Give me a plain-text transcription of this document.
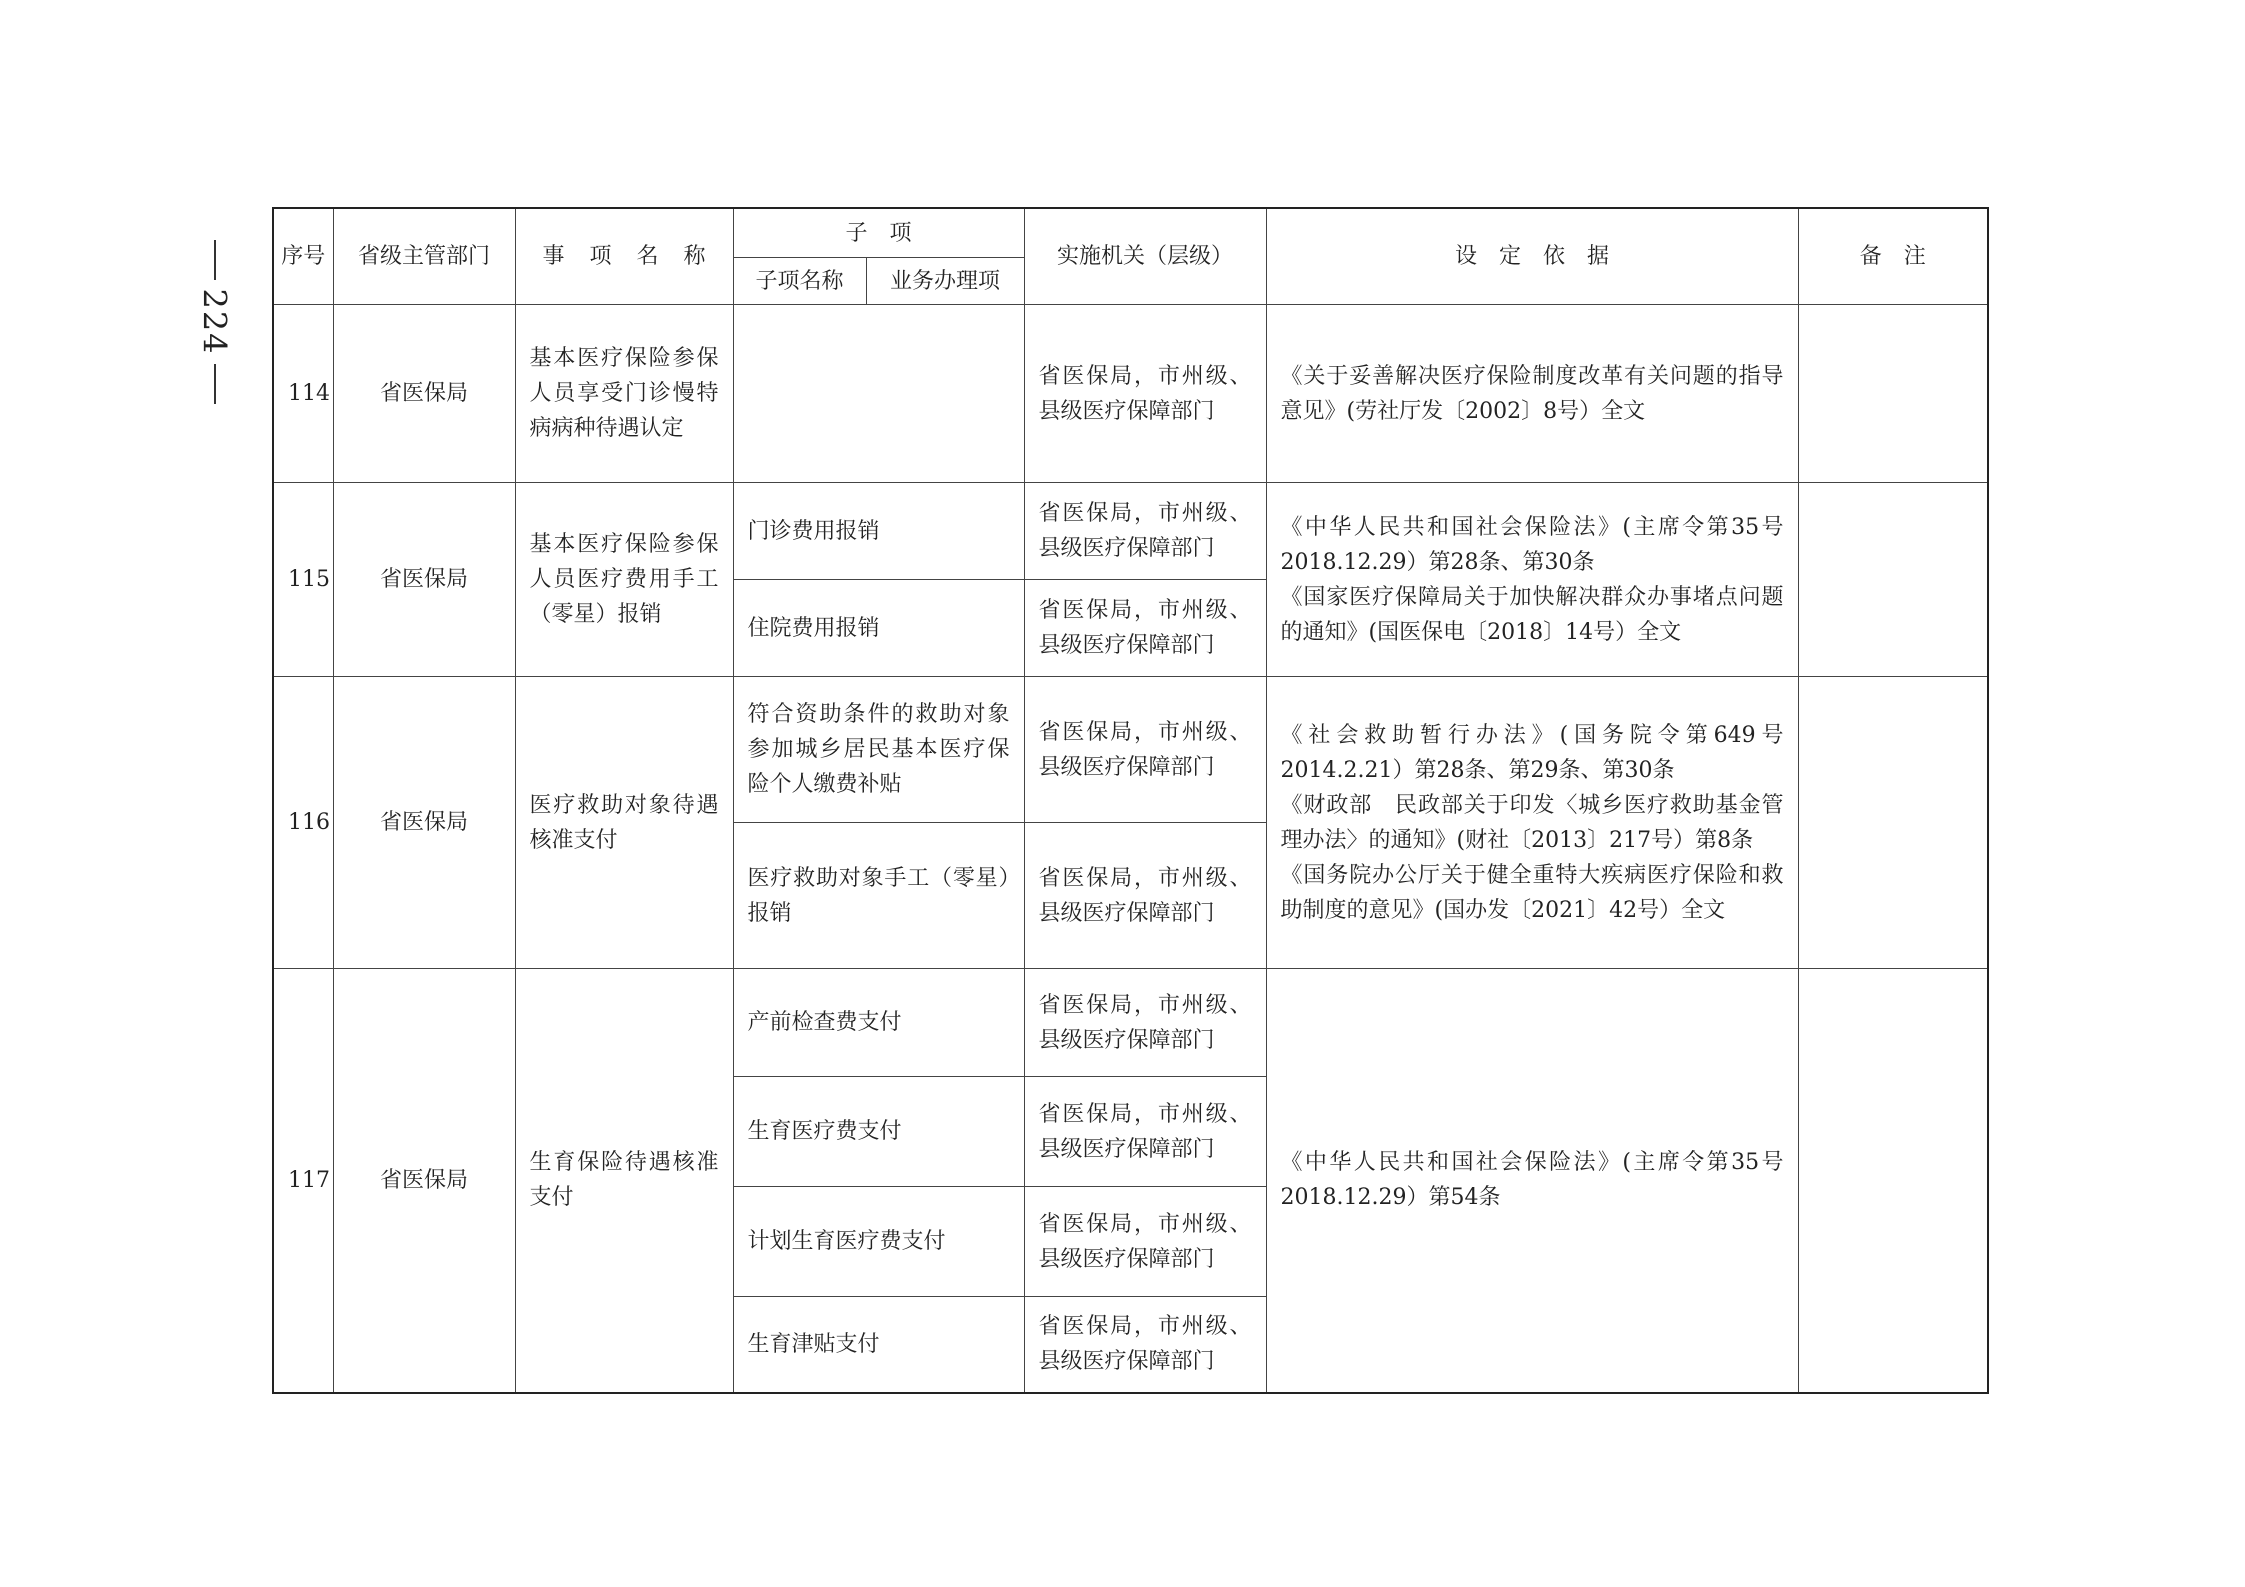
224
序号	省级主管部门	事 项 名 称	子　项		实施机关（层级）	设　定　依　据	备　注
			子项名称	业务办理项			
114	省医保局	基本医疗保险参保人员享受门诊慢特病病种待遇认定			省医保局，市州级、县级医疗保障部门	《关于妥善解决医疗保险制度改革有关问题的指导意见》(劳社厅发〔2002〕8号）全文	

115	省医保局	基本医疗保险参保人员医疗费用手工（零星）报销	门诊费用报销		省医保局，市州级、县级医疗保障部门	《中华人民共和国社会保险法》(主席令第35号 2018.12.29）第28条、第30条
《国家医疗保障局关于加快解决群众办事堵点问题的通知》(国医保电〔2018〕14号）全文	

			住院费用报销		省医保局，市州级、县级医疗保障部门		
116	省医保局	医疗救助对象待遇核准支付	符合资助条件的救助对象参加城乡居民基本医疗保险个人缴费补贴		省医保局，市州级、县级医疗保障部门	《社会救助暂行办法》(国务院令第649号 2014.2.21）第28条、第29条、第30条
《财政部　民政部关于印发〈城乡医疗救助基金管理办法〉的通知》(财社〔2013〕217号）第8条
《国务院办公厅关于健全重特大疾病医疗保险和救助制度的意见》(国办发〔2021〕42号）全文	

			医疗救助对象手工（零星）报销		省医保局，市州级、县级医疗保障部门		
117	省医保局	生育保险待遇核准支付	产前检查费支付		省医保局，市州级、县级医疗保障部门	《中华人民共和国社会保险法》(主席令第35号 2018.12.29）第54条	

			生育医疗费支付		省医保局，市州级、县级医疗保障部门		
			计划生育医疗费支付		省医保局，市州级、县级医疗保障部门		
			生育津贴支付		省医保局，市州级、县级医疗保障部门		
